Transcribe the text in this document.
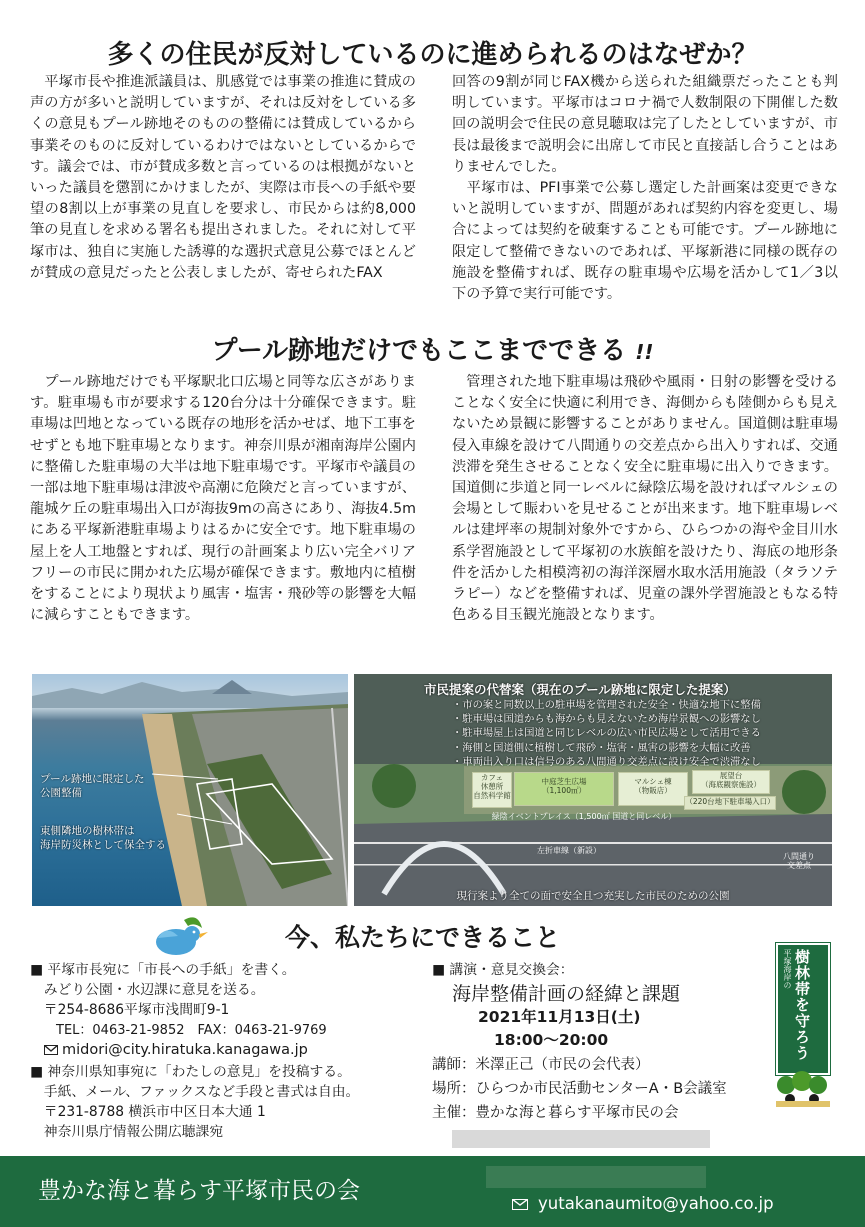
多くの住民が反対しているのに進められるのはなぜか？

　平塚市長や推進派議員は、肌感覚では事業の推進に賛成の声の方が多いと説明していますが、それは反対をしている多くの意見もプール跡地そのものの整備には賛成しているから事業そのものに反対しているわけではないとしているからです。議会では、市が賛成多数と言っているのは根拠がないといった議員を懲罰にかけましたが、実際は市長への手紙や要望の8割以上が事業の見直しを要求し、市民からは約8,000筆の見直しを求める署名も提出されました。それに対して平塚市は、独自に実施した誘導的な選択式意見公募でほとんどが賛成の意見だったと公表しましたが、寄せられたFAX

回答の9割が同じFAX機から送られた組織票だったことも判明しています。平塚市はコロナ禍で人数制限の下開催した数回の説明会で住民の意見聴取は完了したとしていますが、市長は最後まで説明会に出席して市民と直接話し合うことはありませんでした。

　平塚市は、PFI事業で公募し選定した計画案は変更できないと説明していますが、問題があれば契約内容を変更し、場合によっては契約を破棄することも可能です。プール跡地に限定して整備できないのであれば、平塚新港に同様の既存の施設を整備すれば、既存の駐車場や広場を活かして1／3以下の予算で実行可能です。

プール跡地だけでもここまでできる !!

　プール跡地だけでも平塚駅北口広場と同等な広さがあります。駐車場も市が要求する120台分は十分確保できます。駐車場は凹地となっている既存の地形を活かせば、地下工事をせずとも地下駐車場となります。神奈川県が湘南海岸公園内に整備した駐車場の大半は地下駐車場です。平塚市や議員の一部は地下駐車場は津波や高潮に危険だと言っていますが、龍城ケ丘の駐車場出入口が海抜9mの高さにあり、海抜4.5mにある平塚新港駐車場よりはるかに安全です。地下駐車場の屋上を人工地盤とすれば、現行の計画案より広い完全バリアフリーの市民に開かれた広場が確保できます。敷地内に植樹をすることにより現状より風害・塩害・飛砂等の影響を大幅に減らすこともできます。

　管理された地下駐車場は飛砂や風雨・日射の影響を受けることなく安全に快適に利用でき、海側からも陸側からも見えないため景観に影響することがありません。国道側は駐車場侵入車線を設けて八間通りの交差点から出入りすれば、交通渋滞を発生させることなく安全に駐車場に出入りできます。国道側に歩道と同一レベルに緑陰広場を設ければマルシェの会場として賑わいを見せることが出来ます。地下駐車場レベルは建坪率の規制対象外ですから、ひらつかの海や金目川水系学習施設として平塚初の水族館を設けたり、海底の地形条件を活かした相模湾初の海洋深層水取水活用施設（タラソテラピー）などを整備すれば、児童の課外学習施設ともなる特色ある目玉観光施設となります。

プール跡地に限定した
公園整備
東側隣地の樹林帯は
海岸防災林として保全する
市民提案の代替案（現在のプール跡地に限定した提案）
・市の案と同数以上の駐車場を管理された安全・快適な地下に整備
・駐車場は国道からも海からも見えないため海岸景観への影響なし
・駐車場屋上は国道と同じレベルの広い市民広場として活用できる
・海側と国道側に植樹して飛砂・塩害・風害の影響を大幅に改善
・車両出入り口は信号のある八間通り交差点に設け安全で渋滞なし
カフェ
休憩所
自然科学館
中庭芝生広場
（1,100㎡）
マルシェ棟
（物販店）
展望台
（海底観察施設）
（220台地下駐車場入口）
緑陰イベントプレイス（1,500㎡ 国道と同レベル）
左折車線（新設）
八間通り
交差点
現行案より全ての面で安全且つ充実した市民のための公園
今、私たちにできること
■ 平塚市長宛に「市長への手紙」を書く。
　みどり公園・水辺課に意見を送る。
　〒254-8686平塚市浅間町9-1
　　TEL：0463-21-9852　FAX：0463-21-9769
midori@city.hiratuka.kanagawa.jp
■ 神奈川県知事宛に「わたしの意見」を投稿する。
　手紙、メール、ファックスなど手段と書式は自由。
　〒231-8788 横浜市中区日本大通 1
　神奈川県庁情報公開広聴課宛
■ 講演・意見交換会：
海岸整備計画の経緯と課題
2021年11月13日(土)
18:00〜20:00
講師：米澤正己（市民の会代表）
場所：ひらつか市民活動センターA・B会議室
主催：豊かな海と暮らす平塚市民の会
平塚海岸の 樹林帯を守ろう
豊かな海と暮らす平塚市民の会	yutakanaumito@yahoo.co.jp
